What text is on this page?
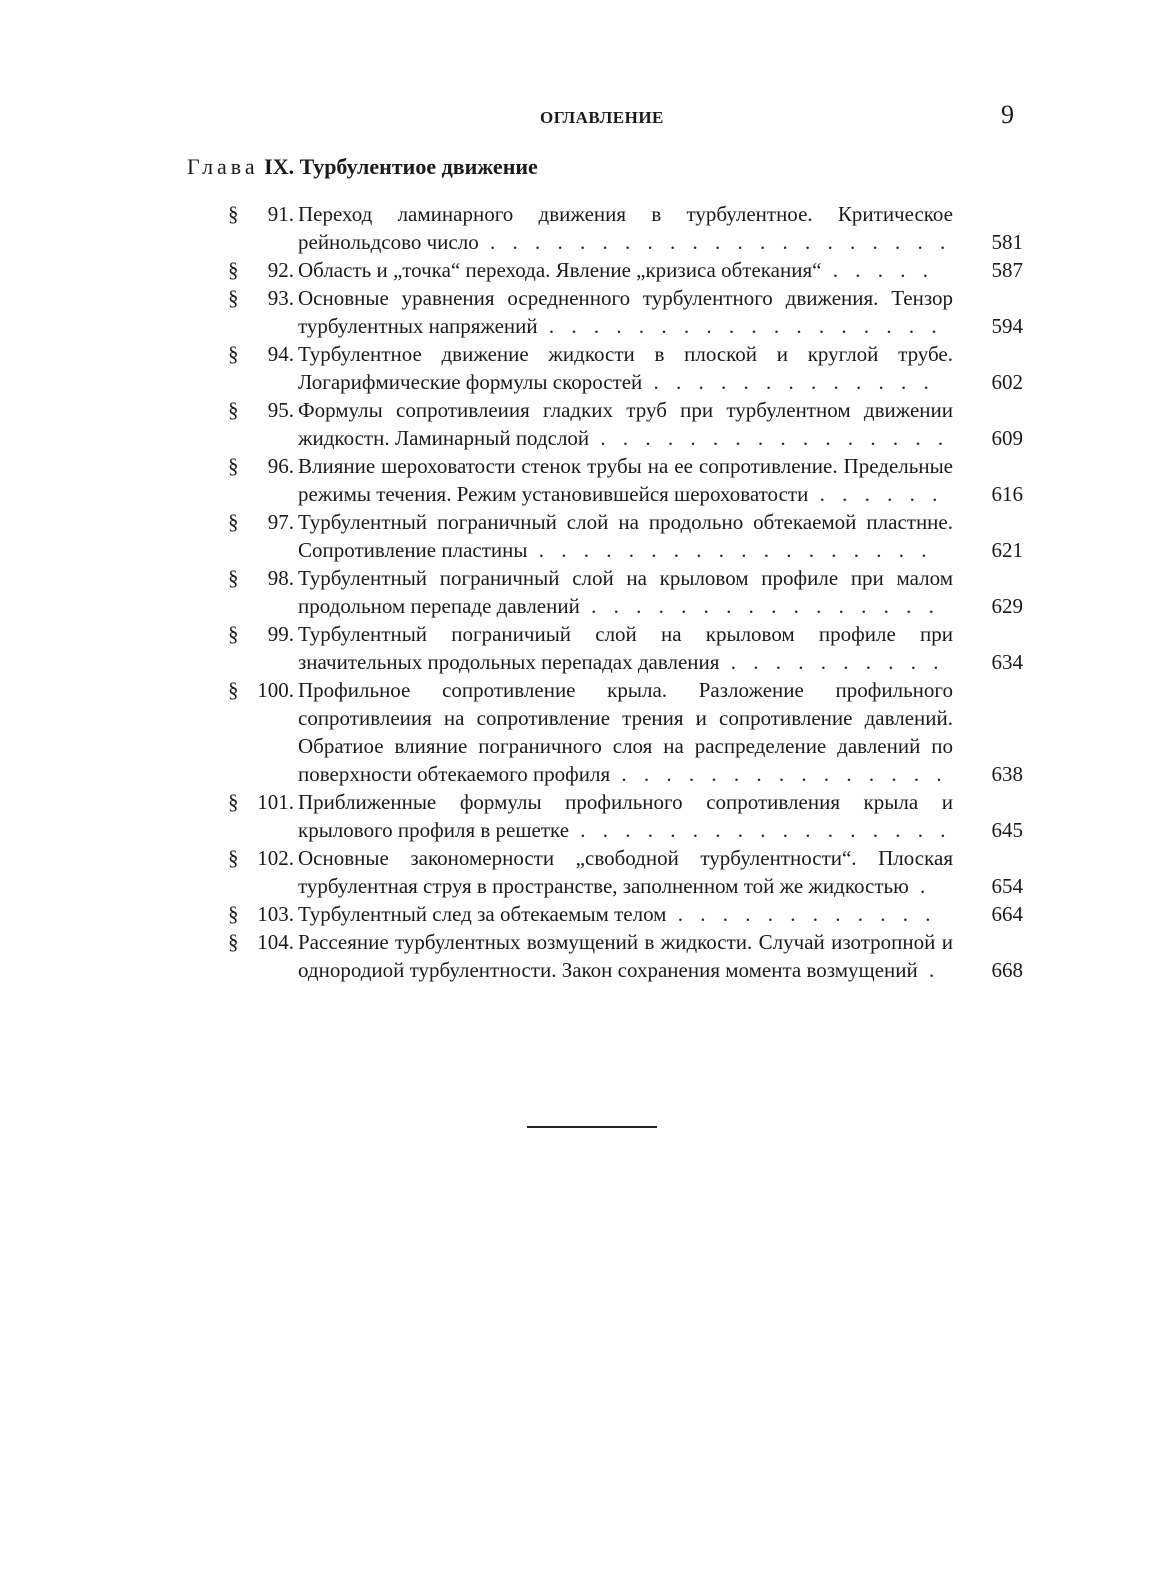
ОГЛАВЛЕНИЕ	9
Глава IX. Турбулентиое движение
§	91. Переход ламинарного движения в турбулентное. Критическое рейнольдсово число . . . . . . . . . . . . . . . . . . . . .	581
§	92. Область и „точка“ перехода. Явление „кризиса обтекания“ . . . . .	587
§	93. Основные уравнения осредненного турбулентного движения. Тензор турбулентных напряжений . . . . . . . . . . . . . . . . . .	594
§	94. Турбулентное движение жидкости в плоской и круглой трубе. Логарифмические формулы скоростей . . . . . . . . . . . . .	602
§	95. Формулы сопротивлеиия гладких труб при турбулентном движении жидкостн. Ламинарный подслой . . . . . . . . . . . . . . . .	609
§	96. Влияние шероховатости стенок трубы на ее сопротивление. Предельные режимы течения. Режим установившейся шероховатости . . . . . .	616
§	97. Турбулентный пограничный слой на продольно обтекаемой пластнне. Сопротивление пластины . . . . . . . . . . . . . . . . . .	621
§	98. Турбулентный пограничный слой на крыловом профиле при малом продольном перепаде давлений . . . . . . . . . . . . . . . .	629
§	99. Турбулентный пограничиый слой на крыловом профиле при значительных продольных перепадах давления . . . . . . . . . .	634
§ 100. Профильное сопротивление крыла. Разложение профильного сопротивлеиия на сопротивление трения и сопротивление давлений. Обратиое влияние пограничного слоя на распределение давлений по поверхности обтекаемого профиля . . . . . . . . . . . . . . .	638
§ 101. Приближенные формулы профильного сопротивления крыла и крылового профиля в решетке . . . . . . . . . . . . . . . . .	645
§ 102. Основные закономерности „свободной турбулентности“. Плоская турбулентная струя в пространстве, заполненном той же жидкостью .	654
§ 103. Турбулентный след за обтекаемым телом . . . . . . . . . . . .	664
§ 104. Рассеяние турбулентных возмущений в жидкости. Случай изотропной и однородиой турбулентности. Закон сохранения момента возмущений .	668
